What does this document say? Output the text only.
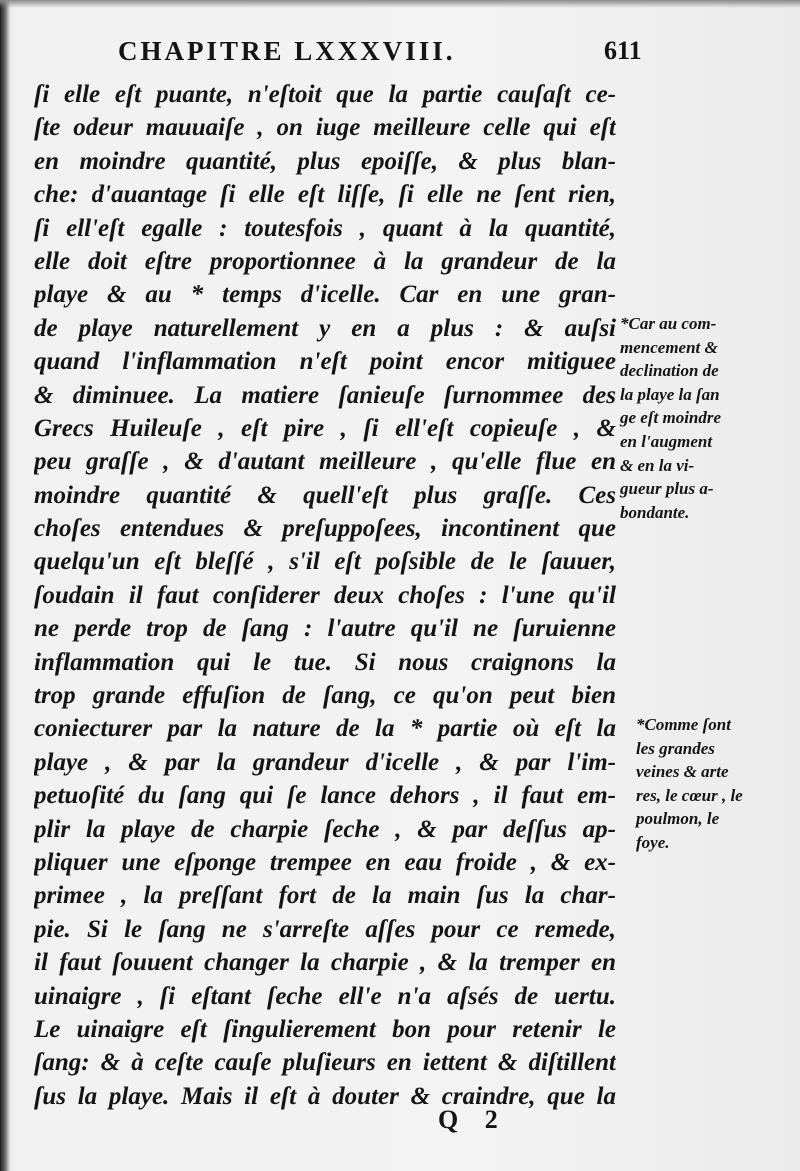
CHAPITRE LXXXVIII.	611
ſi elle eſt puante, n'eſtoit que la partie cauſaſt ce-
ſte odeur mauuaiſe , on iuge meilleure celle qui eſt
en moindre quantité, plus epoiſſe, & plus blan-
che: d'auantage ſi elle eſt liſſe, ſi elle ne ſent rien,
ſi ell'eſt egalle : toutesfois , quant à la quantité,
elle doit eſtre proportionnee à la grandeur de la
playe & au * temps d'icelle. Car en une gran-
de playe naturellement y en a plus : & auſsi
quand l'inflammation n'eſt point encor mitiguee
& diminuee. La matiere ſanieuſe ſurnommee des
Grecs Huileuſe , eſt pire , ſi ell'eſt copieuſe , &
peu graſſe , & d'autant meilleure , qu'elle flue en
moindre quantité & quell'eſt plus graſſe. Ces
choſes entendues & preſuppoſees, incontinent que
quelqu'un eſt bleſſé , s'il eſt poſsible de le ſauuer,
ſoudain il faut conſiderer deux choſes : l'une qu'il
ne perde trop de ſang : l'autre qu'il ne ſuruienne
inflammation qui le tue. Si nous craignons la
trop grande effuſion de ſang, ce qu'on peut bien
coniecturer par la nature de la * partie où eſt la
playe , & par la grandeur d'icelle , & par l'im-
petuoſité du ſang qui ſe lance dehors , il faut em-
plir la playe de charpie ſeche , & par deſſus ap-
pliquer une eſponge trempee en eau froide , & ex-
primee , la preſſant fort de la main ſus la char-
pie. Si le ſang ne s'arreſte aſſes pour ce remede,
il faut ſouuent changer la charpie , & la tremper en
uinaigre , ſi eſtant ſeche ell'e n'a aſsés de uertu.
Le uinaigre eſt ſingulierement bon pour retenir le
ſang: & à ceſte cauſe pluſieurs en iettent & diſtillent
ſus la playe. Mais il eſt à douter & craindre, que la
*Car au com-
mencement &
declination de
la playe la ſan
ge eſt moindre
en l'augment
& en la vi-
gueur plus a-
bondante.
*Comme ſont
les grandes
veines & arte
res, le cœur , le
poulmon, le
foye.
Q 2
